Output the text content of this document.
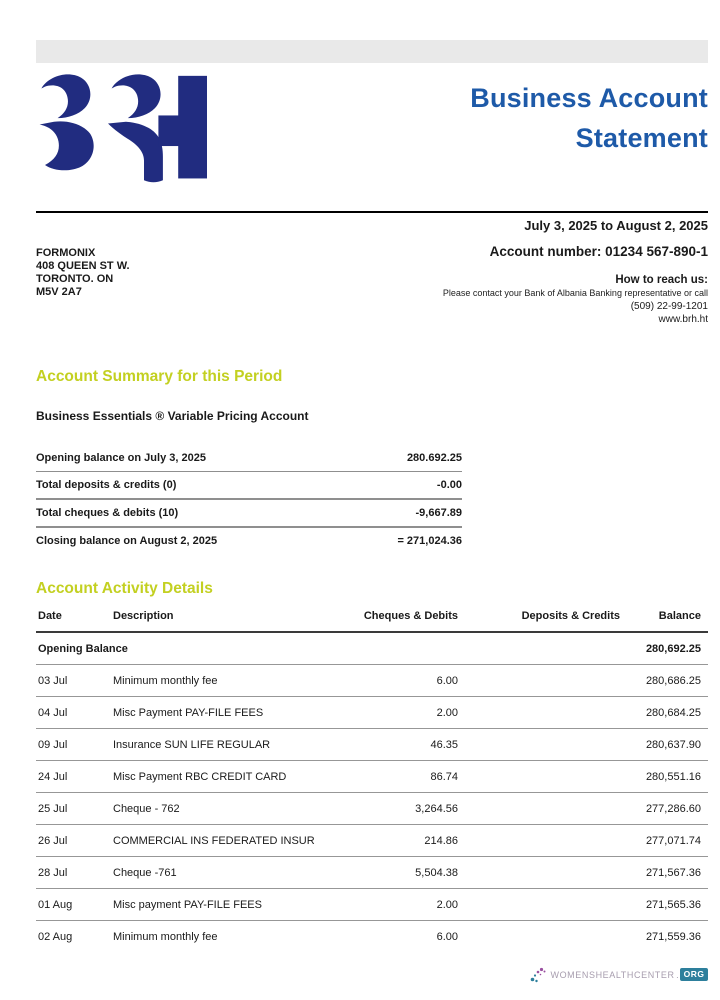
Business Account
Statement
July 3, 2025 to August 2, 2025
FORMONIX
408 QUEEN ST W.
TORONTO. ON
M5V 2A7
Account number: 01234 567-890-1
How to reach us:
Please contact your Bank of Albania Banking representative or call
(509) 22-99-1201
www.brh.ht
Account Summary for this Period
Business Essentials ® Variable Pricing Account
Opening balance on July 3, 2025	280.692.25
Total deposits & credits (0)	-0.00
Total cheques & debits (10)	-9,667.89
Closing balance on August 2, 2025	= 271,024.36
Account Activity Details
Date	Description	Cheques & Debits	Deposits & Credits	Balance
Opening Balance				280,692.25
03 Jul	Minimum monthly fee	6.00		280,686.25
04 Jul	Misc Payment PAY-FILE FEES	2.00		280,684.25
09 Jul	Insurance SUN LIFE REGULAR	46.35		280,637.90
24 Jul	Misc Payment RBC CREDIT CARD	86.74		280,551.16
25 Jul	Cheque - 762	3,264.56		277,286.60
26 Jul	COMMERCIAL INS FEDERATED INSUR	214.86		277,071.74
28 Jul	Cheque -761	5,504.38		271,567.36
01 Aug	Misc payment PAY-FILE FEES	2.00		271,565.36
02 Aug	Minimum monthly fee	6.00		271,559.36
WOMENSHEALTHCENTER . ORG
